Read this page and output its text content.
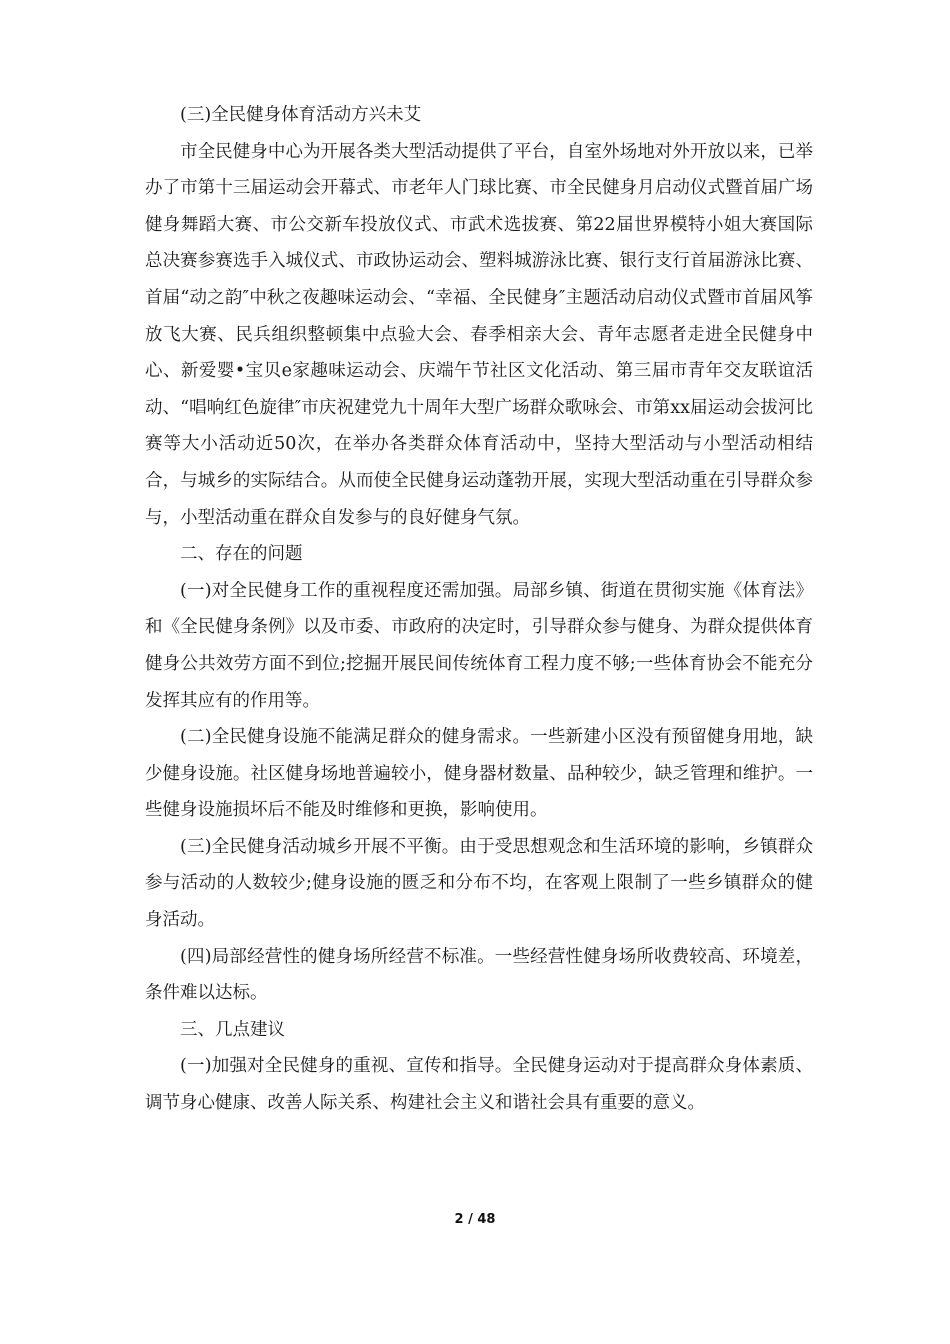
(三)全民健身体育活动方兴未艾

市全民健身中心为开展各类大型活动提供了平台，自室外场地对外开放以来，已举办了市第十三届运动会开幕式、市老年人门球比赛、市全民健身月启动仪式暨首届广场健身舞蹈大赛、市公交新车投放仪式、市武术选拔赛、第22届世界模特小姐大赛国际总决赛参赛选手入城仪式、市政协运动会、塑料城游泳比赛、银行支行首届游泳比赛、首届“动之韵″中秋之夜趣味运动会、“幸福、全民健身″主题活动启动仪式暨市首届风筝放飞大赛、民兵组织整顿集中点验大会、春季相亲大会、青年志愿者走进全民健身中心、新爱婴•宝贝e家趣味运动会、庆端午节社区文化活动、第三届市青年交友联谊活动、“唱响红色旋律″市庆祝建党九十周年大型广场群众歌咏会、市第xx届运动会拔河比赛等大小活动近50次，在举办各类群众体育活动中，坚持大型活动与小型活动相结合，与城乡的实际结合。从而使全民健身运动蓬勃开展，实现大型活动重在引导群众参与，小型活动重在群众自发参与的良好健身气氛。

二、存在的问题

(一)对全民健身工作的重视程度还需加强。局部乡镇、街道在贯彻实施《体育法》和《全民健身条例》以及市委、市政府的决定时，引导群众参与健身、为群众提供体育健身公共效劳方面不到位;挖掘开展民间传统体育工程力度不够;一些体育协会不能充分发挥其应有的作用等。

(二)全民健身设施不能满足群众的健身需求。一些新建小区没有预留健身用地，缺少健身设施。社区健身场地普遍较小，健身器材数量、品种较少，缺乏管理和维护。一些健身设施损坏后不能及时维修和更换，影响使用。

(三)全民健身活动城乡开展不平衡。由于受思想观念和生活环境的影响，乡镇群众参与活动的人数较少;健身设施的匮乏和分布不均，在客观上限制了一些乡镇群众的健身活动。

(四)局部经营性的健身场所经营不标准。一些经营性健身场所收费较高、环境差，条件难以达标。

三、几点建议

(一)加强对全民健身的重视、宣传和指导。全民健身运动对于提高群众身体素质、调节身心健康、改善人际关系、构建社会主义和谐社会具有重要的意义。

2 / 48
